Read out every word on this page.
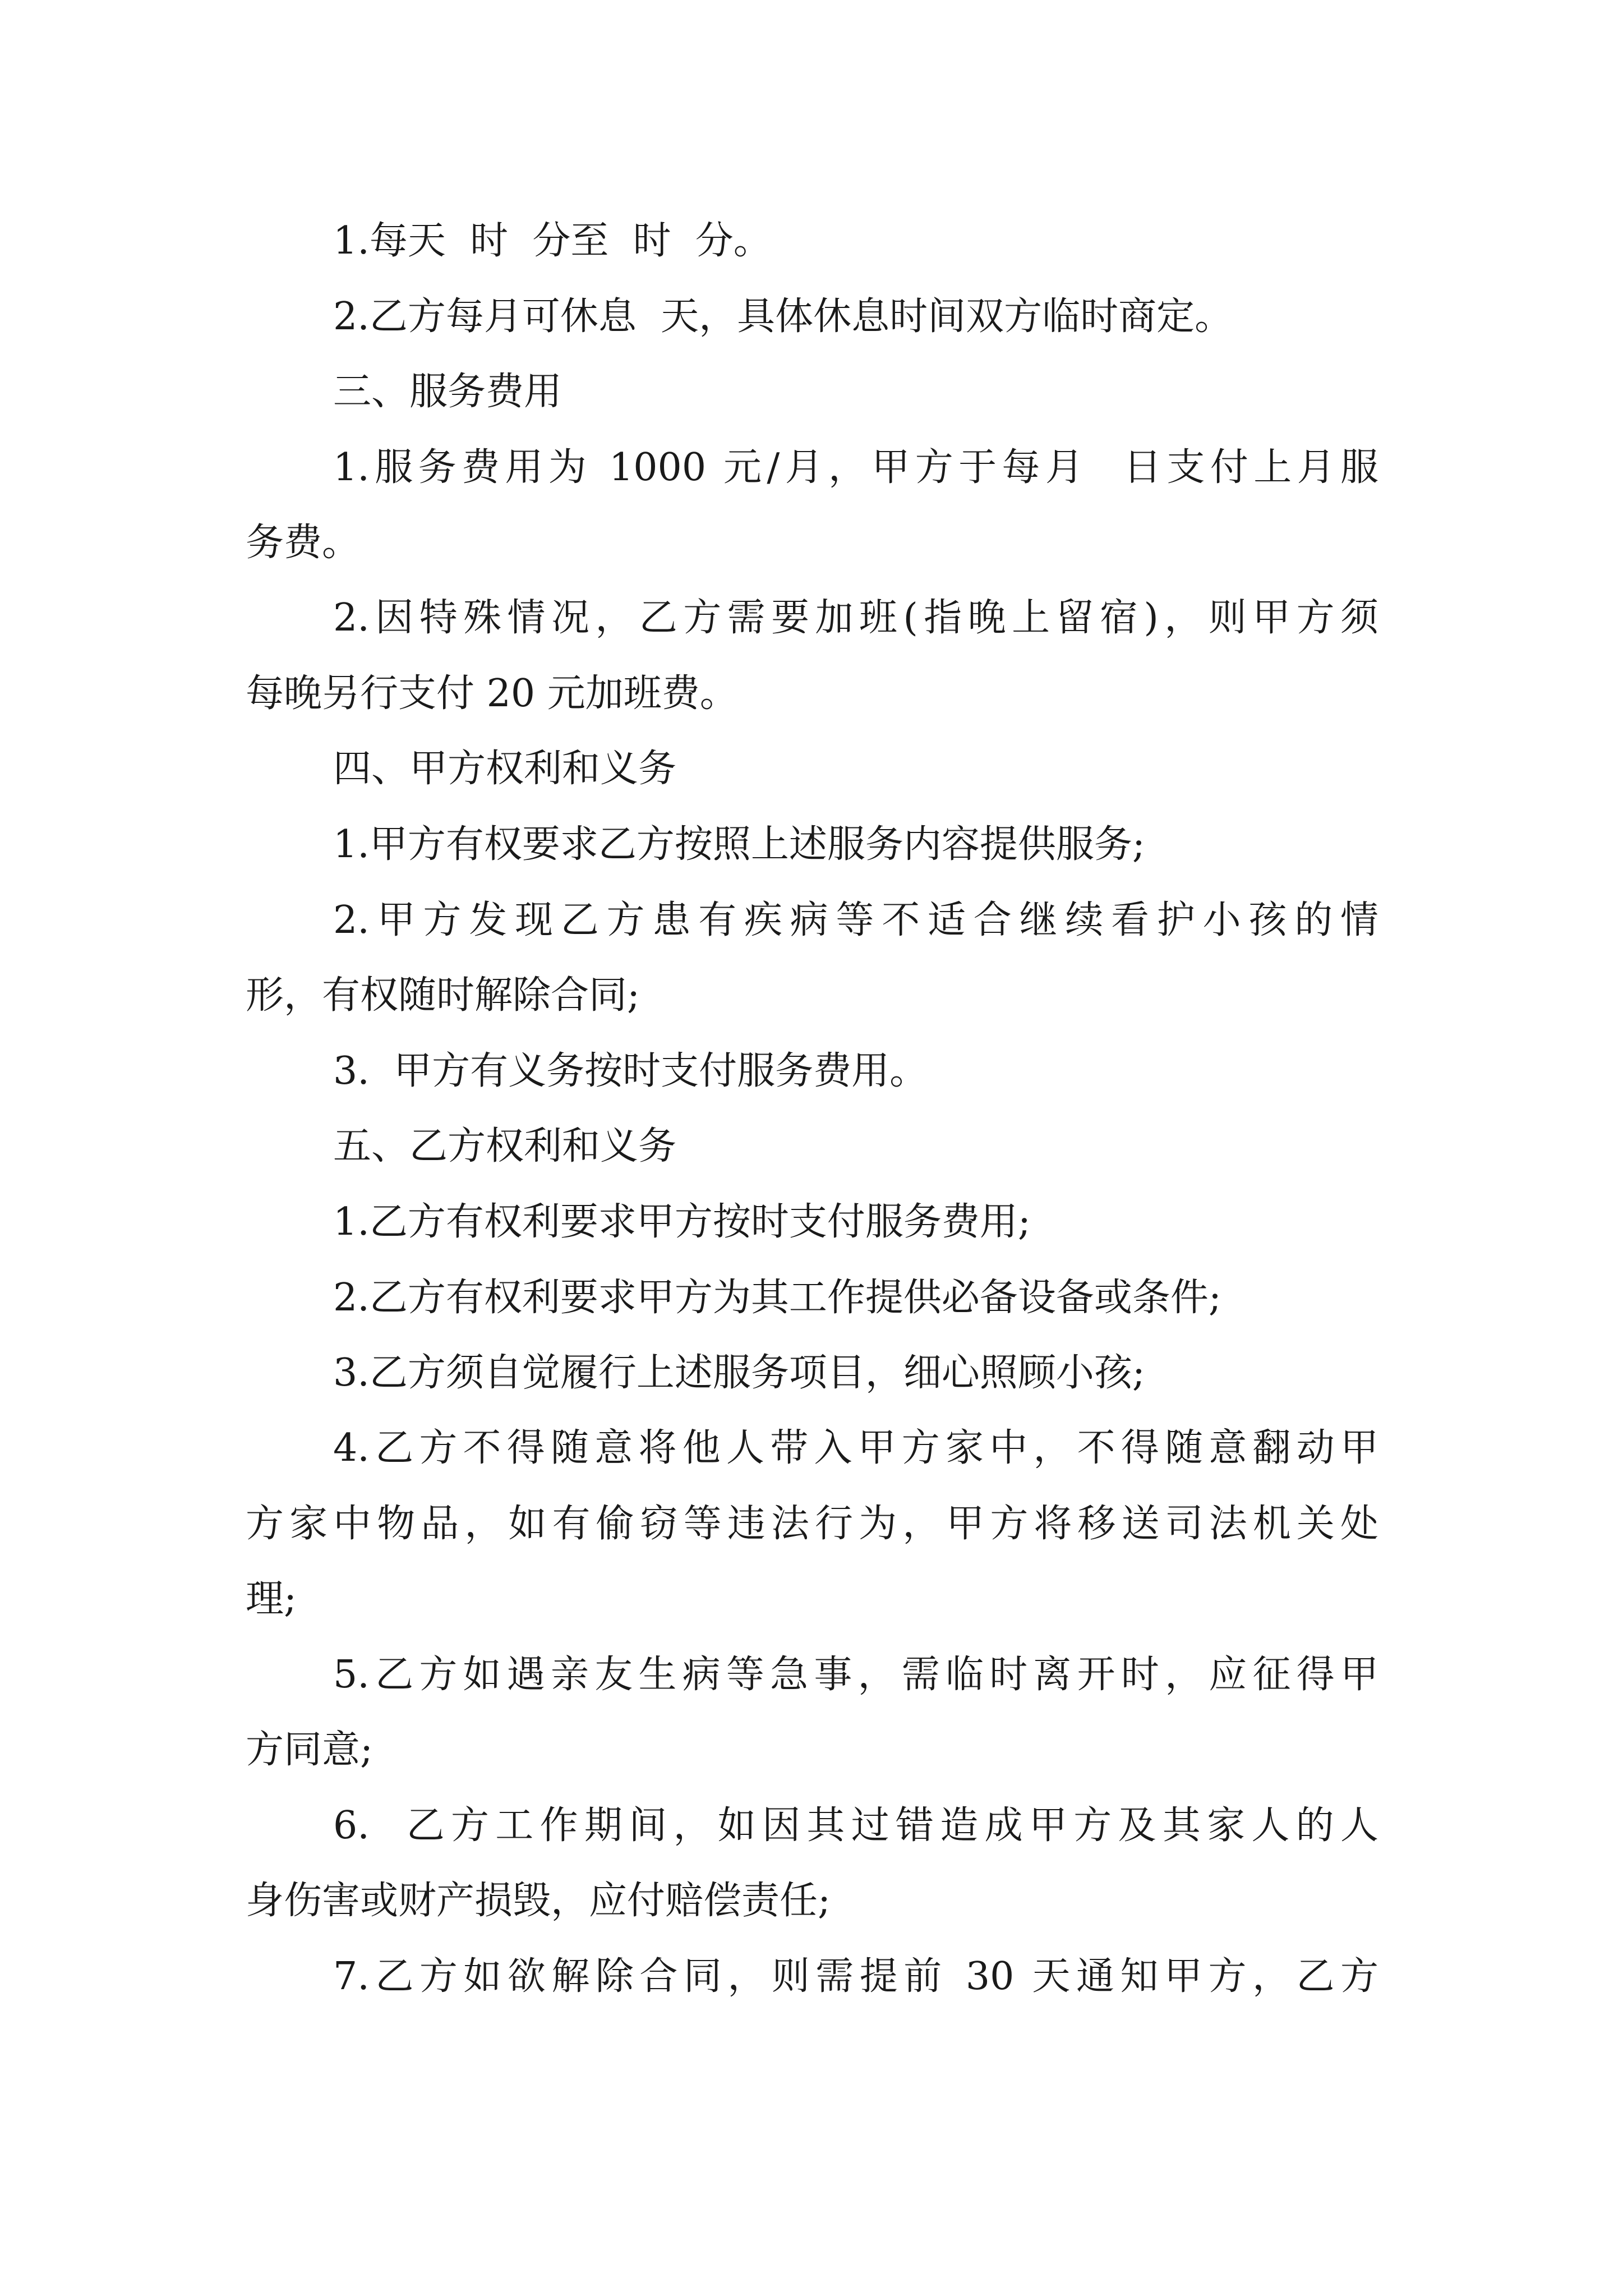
1.每天  时  分至  时  分。
2.乙方每月可休息  天，具体休息时间双方临时商定。
三、服务费用
1.服务费用为 1000 元/月，甲方于每月  日支付上月服
务费。
2.因特殊情况，乙方需要加班(指晚上留宿)，则甲方须
每晚另行支付 20 元加班费。
四、甲方权利和义务
1.甲方有权要求乙方按照上述服务内容提供服务;
2.甲方发现乙方患有疾病等不适合继续看护小孩的情
形，有权随时解除合同;
3.  甲方有义务按时支付服务费用。
五、乙方权利和义务
1.乙方有权利要求甲方按时支付服务费用;
2.乙方有权利要求甲方为其工作提供必备设备或条件;
3.乙方须自觉履行上述服务项目，细心照顾小孩;
4.乙方不得随意将他人带入甲方家中，不得随意翻动甲
方家中物品，如有偷窃等违法行为，甲方将移送司法机关处
理;
5.乙方如遇亲友生病等急事，需临时离开时，应征得甲
方同意;
6.  乙方工作期间，如因其过错造成甲方及其家人的人
身伤害或财产损毁，应付赔偿责任;
7.乙方如欲解除合同，则需提前 30 天通知甲方，乙方
